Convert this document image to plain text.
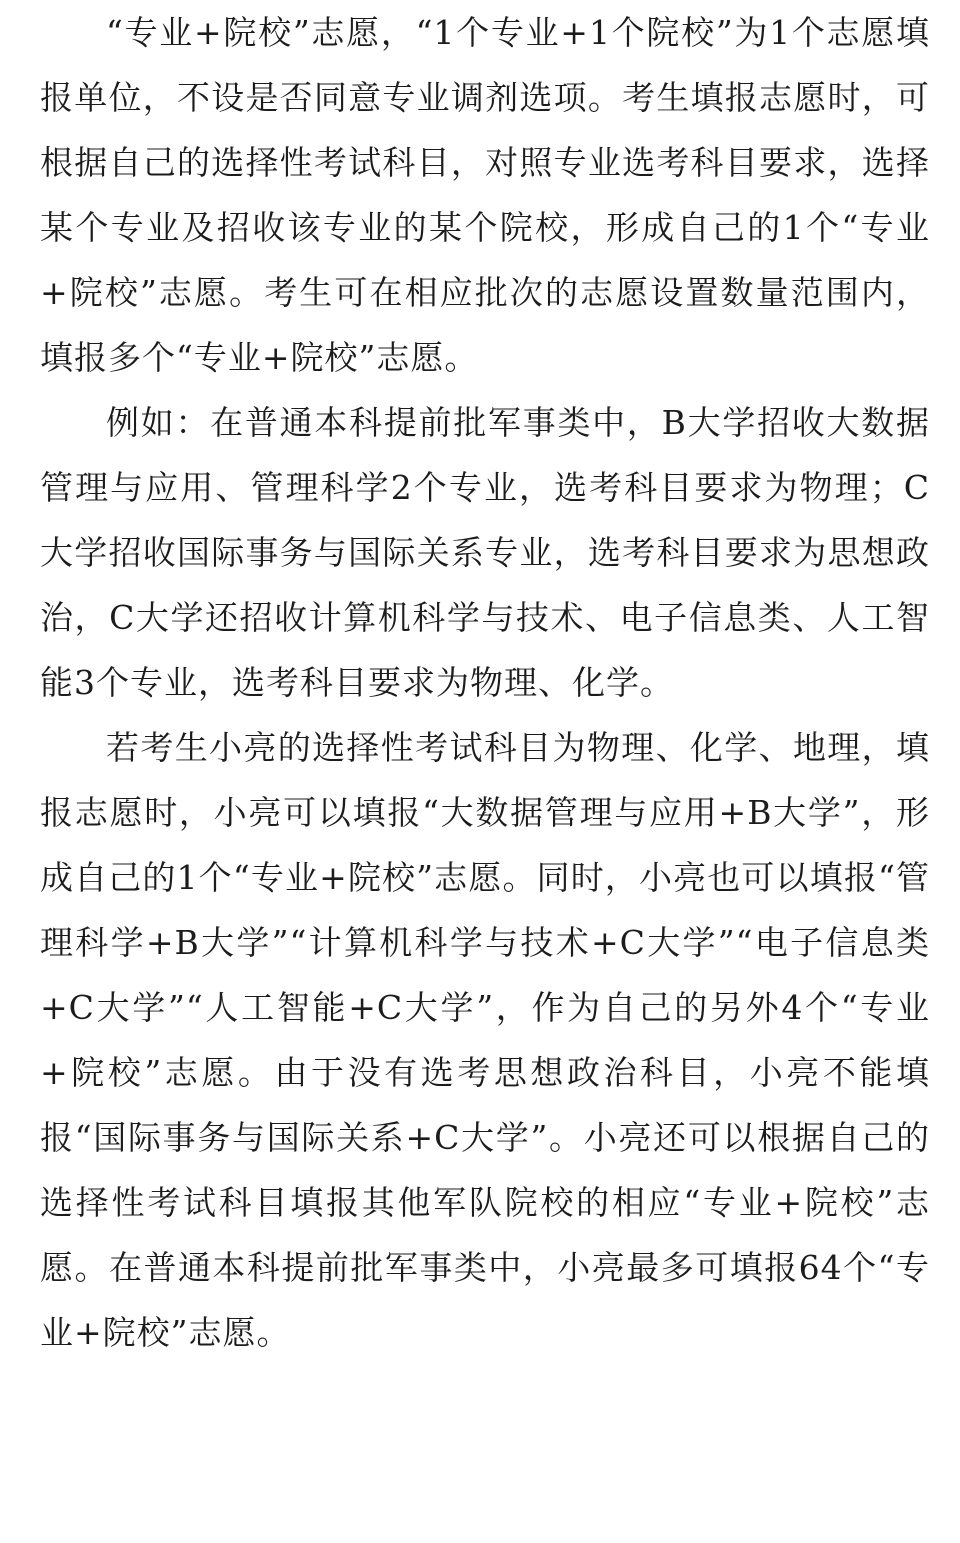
“专业+院校”志愿，“1个专业+1个院校”为1个志愿填报单位，不设是否同意专业调剂选项。考生填报志愿时，可根据自己的选择性考试科目，对照专业选考科目要求，选择某个专业及招收该专业的某个院校，形成自己的1个“专业+院校”志愿。考生可在相应批次的志愿设置数量范围内，填报多个“专业+院校”志愿。

例如：在普通本科提前批军事类中，B大学招收大数据管理与应用、管理科学2个专业，选考科目要求为物理；C大学招收国际事务与国际关系专业，选考科目要求为思想政治，C大学还招收计算机科学与技术、电子信息类、人工智能3个专业，选考科目要求为物理、化学。

若考生小亮的选择性考试科目为物理、化学、地理，填报志愿时，小亮可以填报“大数据管理与应用+B大学”，形成自己的1个“专业+院校”志愿。同时，小亮也可以填报“管理科学+B大学”“计算机科学与技术+C大学”“电子信息类+C大学”“人工智能+C大学”，作为自己的另外4个“专业+院校”志愿。由于没有选考思想政治科目，小亮不能填报“国际事务与国际关系+C大学”。小亮还可以根据自己的选择性考试科目填报其他军队院校的相应“专业+院校”志愿。在普通本科提前批军事类中，小亮最多可填报64个“专业+院校”志愿。
